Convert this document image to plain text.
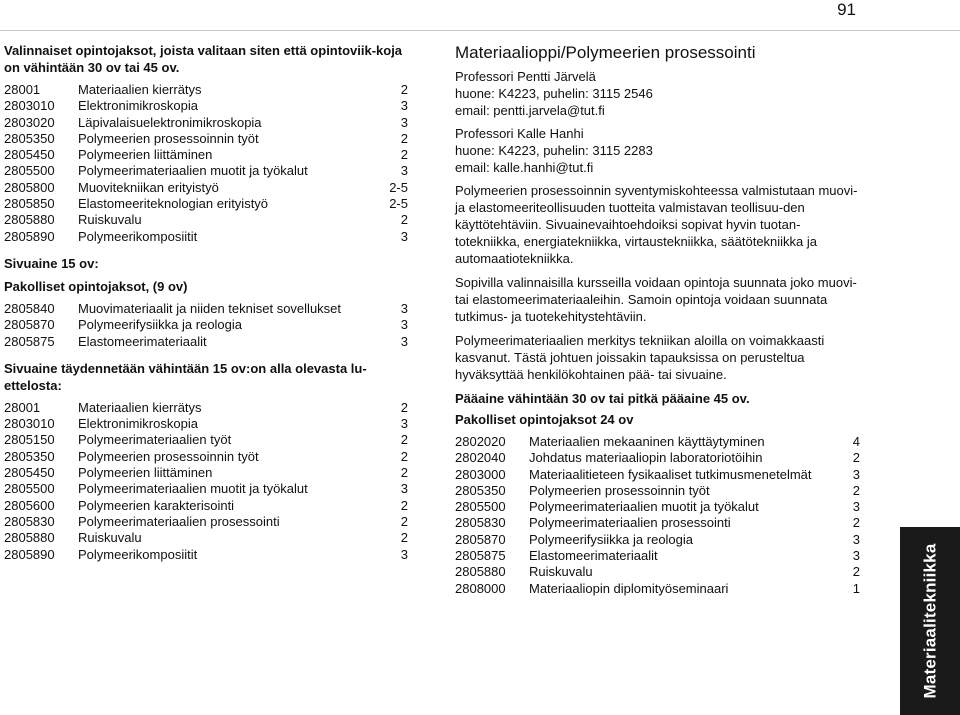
91

Valinnaiset opintojaksot, joista valitaan siten että opintoviik-koja on vähintään 30 ov tai 45 ov.

28001	Materiaalien kierrätys	2
2803010	Elektronimikroskopia	3
2803020	Läpivalaisuelektronimikroskopia	3
2805350	Polymeerien prosessoinnin työt	2
2805450	Polymeerien liittäminen	2
2805500	Polymeerimateriaalien muotit ja työkalut	3
2805800	Muovitekniikan erityistyö	2-5
2805850	Elastomeeriteknologian erityistyö	2-5
2805880	Ruiskuvalu	2
2805890	Polymeerikomposiitit	3

Sivuaine 15 ov:

Pakolliset opintojaksot, (9 ov)

2805840	Muovimateriaalit ja niiden tekniset sovellukset	3
2805870	Polymeerifysiikka ja reologia	3
2805875	Elastomeerimateriaalit	3

Sivuaine täydennetään vähintään 15 ov:on alla olevasta lu-ettelosta:

28001	Materiaalien kierrätys	2
2803010	Elektronimikroskopia	3
2805150	Polymeerimateriaalien työt	2
2805350	Polymeerien prosessoinnin työt	2
2805450	Polymeerien liittäminen	2
2805500	Polymeerimateriaalien muotit ja työkalut	3
2805600	Polymeerien karakterisointi	2
2805830	Polymeerimateriaalien prosessointi	2
2805880	Ruiskuvalu	2
2805890	Polymeerikomposiitit	3

Materiaalioppi/Polymeerien prosessointi

Professori Pentti Järvelä
huone: K4223, puhelin: 3115 2546
email: pentti.jarvela@tut.fi
Professori Kalle Hanhi
huone: K4223, puhelin: 3115 2283
email: kalle.hanhi@tut.fi

Polymeerien prosessoinnin syventymiskohteessa valmistutaan muovi- ja elastomeeriteollisuuden tuotteita valmistavan teollisuu-den käyttötehtäviin. Sivuainevaihtoehdoiksi sopivat hyvin tuotan-totekniikka, energiatekniikka, virtaustekniikka, säätötekniikka ja automaatiotekniikka.

Sopivilla valinnaisilla kursseilla voidaan opintoja suunnata joko muovi- tai elastomeerimateriaaleihin. Samoin opintoja voidaan suunnata tutkimus- ja tuotekehitystehtäviin.

Polymeerimateriaalien merkitys tekniikan aloilla on voimakkaasti kasvanut. Tästä johtuen joissakin tapauksissa on perusteltua hyväksyttää henkilökohtainen pää- tai sivuaine.

Pääaine vähintään 30 ov tai pitkä pääaine 45 ov.

Pakolliset opintojaksot 24 ov

2802020	Materiaalien mekaaninen käyttäytyminen	4
2802040	Johdatus materiaaliopin laboratoriotöihin	2
2803000	Materiaalitieteen fysikaaliset tutkimusmenetelmät	3
2805350	Polymeerien prosessoinnin työt	2
2805500	Polymeerimateriaalien muotit ja työkalut	3
2805830	Polymeerimateriaalien prosessointi	2
2805870	Polymeerifysiikka ja reologia	3
2805875	Elastomeerimateriaalit	3
2805880	Ruiskuvalu	2
2808000	Materiaaliopin diplomityöseminaari	1	Materiaalitekniikka
